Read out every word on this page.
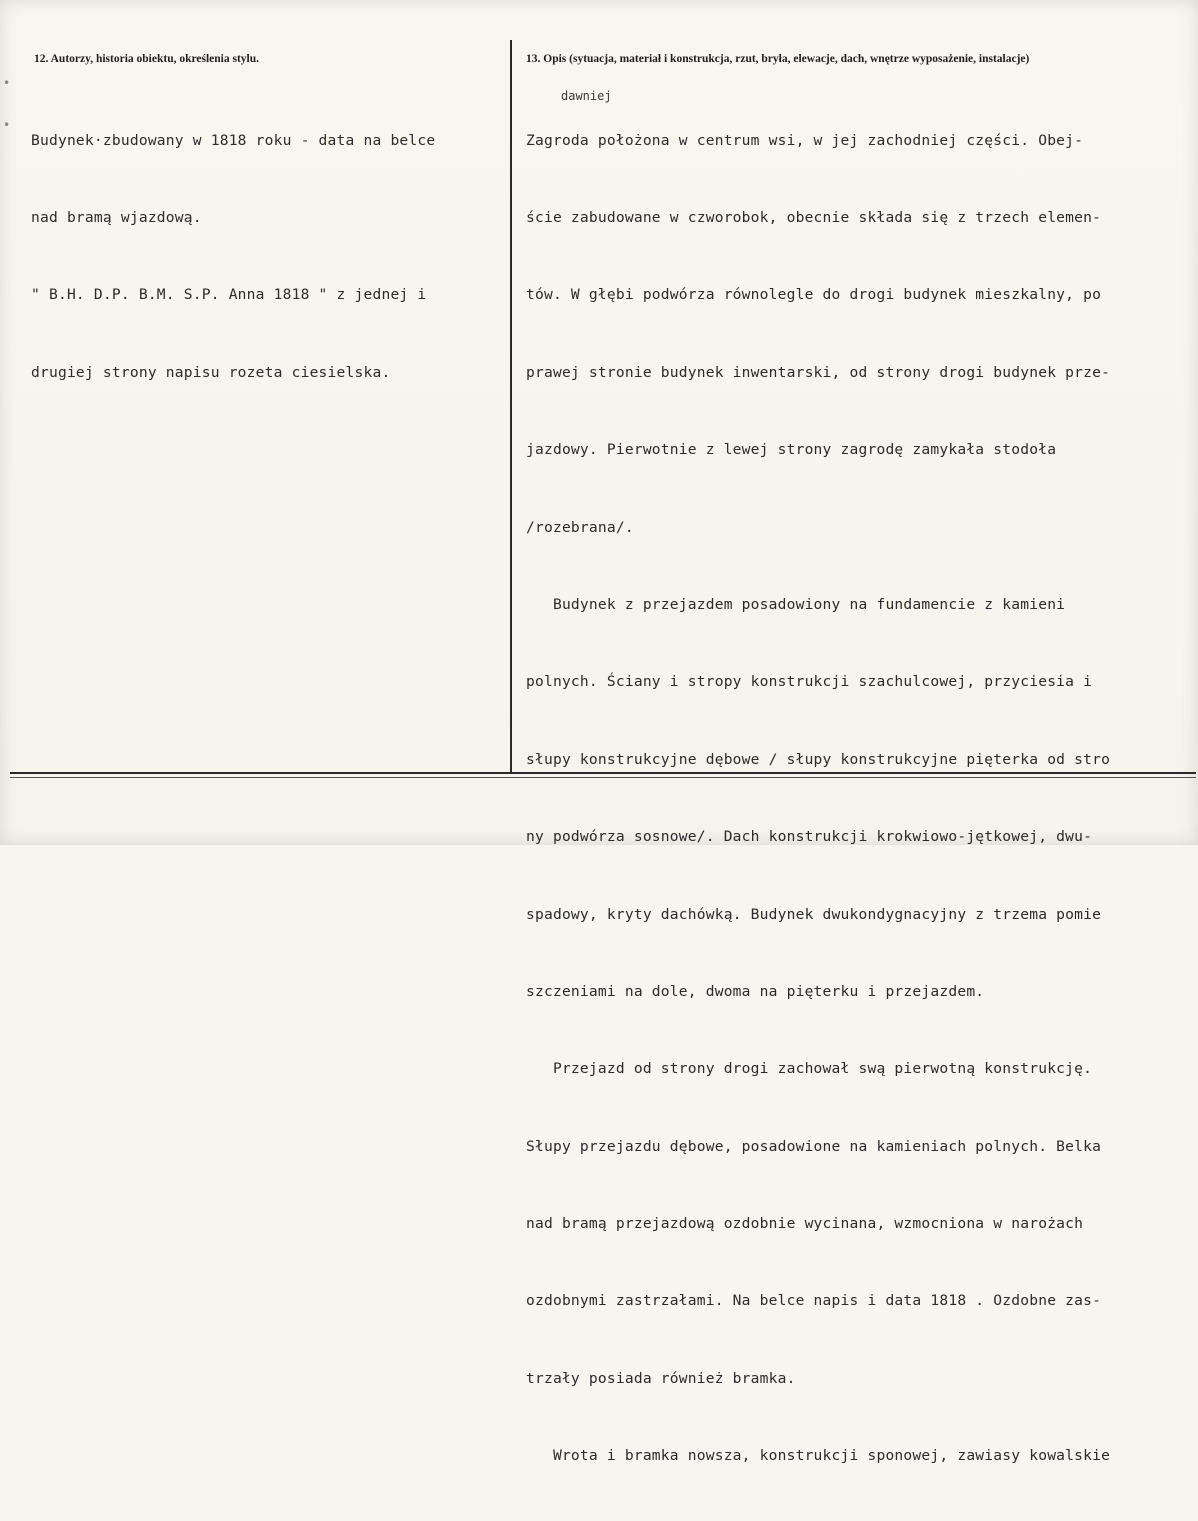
•
•
12. Autorzy, historia obiektu, określenia stylu.	13. Opis (sytuacja, materiał i konstrukcja, rzut, bryła, elewacje, dach, wnętrze wyposażenie, instalacje)

Budynek·zbudowany w 1818 roku - data na belce

nad bramą wjazdową.

" B.H. D.P. B.M. S.P. Anna 1818 " z jednej i

drugiej strony napisu rozeta ciesielska.

dawniej

Zagroda położona w centrum wsi, w jej zachodniej części. Obej-

ście zabudowane w czworobok, obecnie składa się z trzech elemen-

tów. W głębi podwórza równolegle do drogi budynek mieszkalny, po

prawej stronie budynek inwentarski, od strony drogi budynek prze-

jazdowy. Pierwotnie z lewej strony zagrodę zamykała stodoła

/rozebrana/.

Budynek z przejazdem posadowiony na fundamencie z kamieni

polnych. Ściany i stropy konstrukcji szachulcowej, przyciesia i

słupy konstrukcyjne dębowe / słupy konstrukcyjne pięterka od stro

ny podwórza sosnowe/. Dach konstrukcji krokwiowo-jętkowej, dwu-

spadowy, kryty dachówką. Budynek dwukondygnacyjny z trzema pomie

szczeniami na dole, dwoma na pięterku i przejazdem.

Przejazd od strony drogi zachował swą pierwotną konstrukcję.

Słupy przejazdu dębowe, posadowione na kamieniach polnych. Belka

nad bramą przejazdową ozdobnie wycinana, wzmocniona w narożach

ozdobnymi zastrzałami. Na belce napis i data 1818 . Ozdobne zas-

trzały posiada również bramka.

Wrota i bramka nowsza, konstrukcji sponowej, zawiasy kowalskie
